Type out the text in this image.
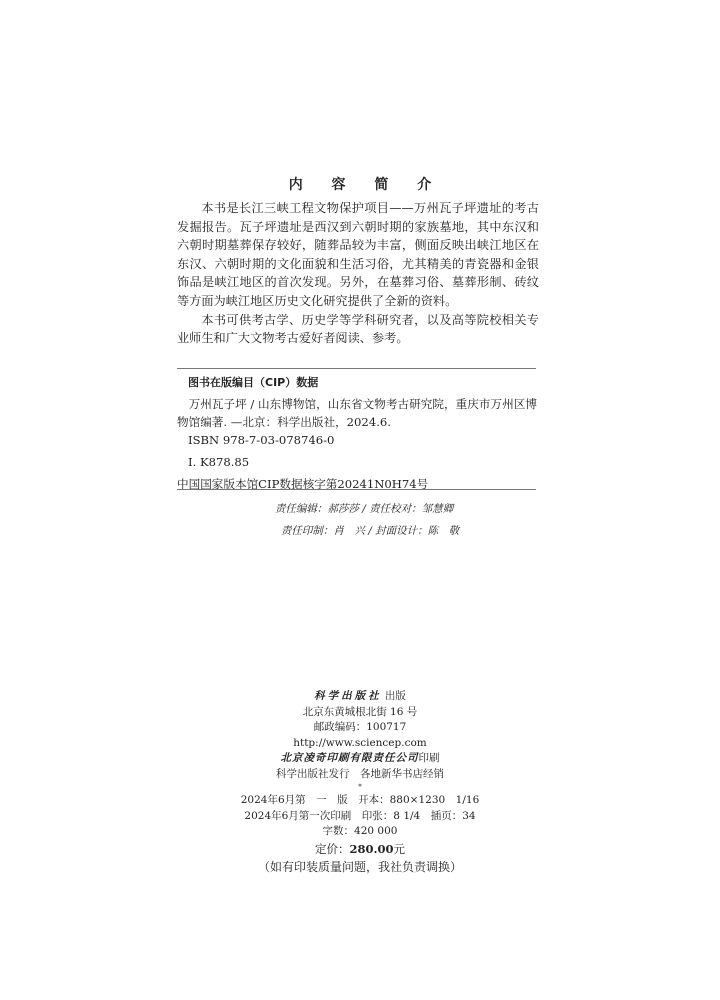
内 容 简 介

本书是长江三峡工程文物保护项目——万州瓦子坪遗址的考古发掘报告。瓦子坪遗址是西汉到六朝时期的家族墓地，其中东汉和六朝时期墓葬保存较好，随葬品较为丰富，侧面反映出峡江地区在东汉、六朝时期的文化面貌和生活习俗，尤其精美的青瓷器和金银饰品是峡江地区的首次发现。另外，在墓葬习俗、墓葬形制、砖纹等方面为峡江地区历史文化研究提供了全新的资料。

本书可供考古学、历史学等学科研究者，以及高等院校相关专业师生和广大文物考古爱好者阅读、参考。

图书在版编目（CIP）数据
万州瓦子坪 / 山东博物馆，山东省文物考古研究院，重庆市万州区博物馆编著. —北京：科学出版社，2024.6.
ISBN 978-7-03-078746-0
Ⅰ. K878.85
中国国家版本馆CIP数据核字第20241N0H74号
责任编辑：郝莎莎 / 责任校对：邹慧卿
责任印制：肖　兴 / 封面设计：陈　敬
科学出版社 出版
北京东黄城根北街 16 号
邮政编码：100717
http://www.sciencep.com
北京凌奇印刷有限责任公司印刷
科学出版社发行　各地新华书店经销
*
2024年6月第　一　版　开本：880×1230　1/16
2024年6月第一次印刷　印张：8 1/4　插页：34
字数：420 000
定价：280.00元
（如有印装质量问题，我社负责调换）
